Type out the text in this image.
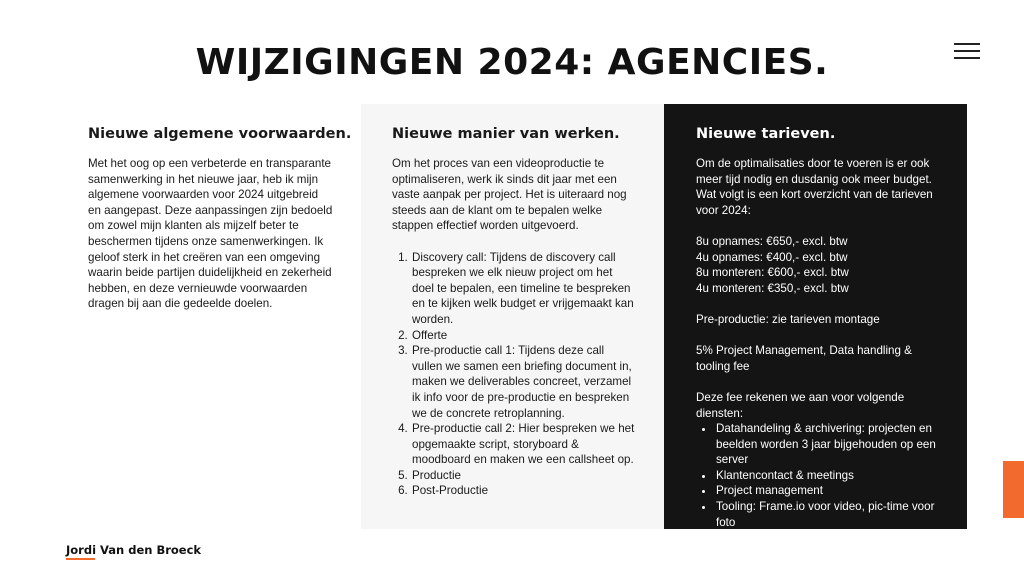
WIJZIGINGEN 2024: AGENCIES.
Nieuwe algemene voorwaarden.

Met het oog op een verbeterde en transparante samenwerking in het nieuwe jaar, heb ik mijn algemene voorwaarden voor 2024 uitgebreid en aangepast. Deze aanpassingen zijn bedoeld om zowel mijn klanten als mijzelf beter te beschermen tijdens onze samenwerkingen. Ik geloof sterk in het creëren van een omgeving waarin beide partijen duidelijkheid en zekerheid hebben, en deze vernieuwde voorwaarden dragen bij aan die gedeelde doelen.

Nieuwe manier van werken.

Om het proces van een videoproductie te optimaliseren, werk ik sinds dit jaar met een vaste aanpak per project. Het is uiteraard nog steeds aan de klant om te bepalen welke stappen effectief worden uitgevoerd.

1. Discovery call: Tijdens de discovery call bespreken we elk nieuw project om het doel te bepalen, een timeline te bespreken en te kijken welk budget er vrijgemaakt kan worden.
2. Offerte
3. Pre-productie call 1: Tijdens deze call vullen we samen een briefing document in, maken we deliverables concreet, verzamel ik info voor de pre-productie en bespreken we de concrete retroplanning.
4. Pre-productie call 2: Hier bespreken we het opgemaakte script, storyboard & moodboard en maken we een callsheet op.
5. Productie
6. Post-Productie
Nieuwe tarieven.

Om de optimalisaties door te voeren is er ook meer tijd nodig en dusdanig ook meer budget. Wat volgt is een kort overzicht van de tarieven voor 2024:

8u opnames: €650,- excl. btw
4u opnames: €400,- excl. btw
8u monteren: €600,- excl. btw
4u monteren: €350,- excl. btw

Pre-productie: zie tarieven montage

5% Project Management, Data handling & tooling fee

Deze fee rekenen we aan voor volgende diensten:

• Datahandeling & archivering: projecten en beelden worden 3 jaar bijgehouden op een server
• Klantencontact & meetings
• Project management
• Tooling: Frame.io voor video, pic-time voor foto
Jordi Van den Broeck
